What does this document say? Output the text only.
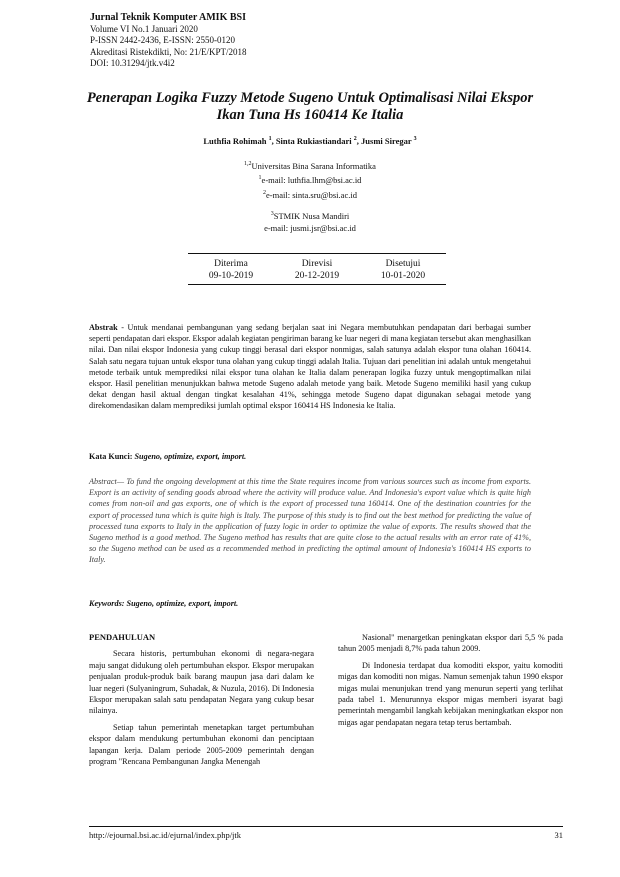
Jurnal Teknik Komputer AMIK BSI
Volume VI No.1 Januari 2020
P-ISSN 2442-2436, E-ISSN: 2550-0120
Akreditasi Ristekdikti, No: 21/E/KPT/2018
DOI: 10.31294/jtk.v4i2
Penerapan Logika Fuzzy Metode Sugeno Untuk Optimalisasi Nilai Ekspor Ikan Tuna Hs 160414 Ke Italia
Luthfia Rohimah $^1$, Sinta Rukiastiandari $^2$, Jusmi Siregar $^3$
$^{1,2}$Universitas Bina Sarana Informatika
$^1$e-mail: luthfia.lhm@bsi.ac.id
$^2$e-mail: sinta.sru@bsi.ac.id
$^3$STMIK Nusa Mandiri
e-mail: jusmi.jsr@bsi.ac.id
Diterima
09-10-2019
Direvisi
20-12-2019
Disetujui
10-01-2020
Abstrak - Untuk mendanai pembangunan yang sedang berjalan saat ini Negara membutuhkan pendapatan dari berbagai sumber seperti pendapatan dari ekspor. Ekspor adalah kegiatan pengiriman barang ke luar negeri di mana kegiatan tersebut akan menghasilkan nilai. Dan nilai ekspor Indonesia yang cukup tinggi berasal dari ekspor nonmigas, salah satunya adalah ekspor tuna olahan 160414. Salah satu negara tujuan untuk ekspor tuna olahan yang cukup tinggi adalah Italia. Tujuan dari penelitian ini adalah untuk mengetahui metode terbaik untuk memprediksi nilai ekspor tuna olahan ke Italia dalam penerapan logika fuzzy untuk mengoptimalkan nilai ekspor. Hasil penelitian menunjukkan bahwa metode Sugeno adalah metode yang baik. Metode Sugeno memiliki hasil yang cukup dekat dengan hasil aktual dengan tingkat kesalahan 41%, sehingga metode Sugeno dapat digunakan sebagai metode yang direkomendasikan dalam memprediksi jumlah optimal ekspor 160414 HS Indonesia ke Italia.
Kata Kunci: Sugeno, optimize, export, import.
Abstract— To fund the ongoing development at this time the State requires income from various sources such as income from exports. Export is an activity of sending goods abroad where the activity will produce value. And Indonesia's export value which is quite high comes from non-oil and gas exports, one of which is the export of processed tuna 160414. One of the destination countries for the export of processed tuna which is quite high is Italy. The purpose of this study is to find out the best method for predicting the value of processed tuna exports to Italy in the application of fuzzy logic in order to optimize the value of exports. The results showed that the Sugeno method is a good method. The Sugeno method has results that are quite close to the actual results with an error rate of 41%, so the Sugeno method can be used as a recommended method in predicting the optimal amount of Indonesia's 160414 HS exports to Italy.
Keywords: Sugeno, optimize, export, import.

PENDAHULUAN

Secara historis, pertumbuhan ekonomi di negara-negara maju sangat didukung oleh pertumbuhan ekspor. Ekspor merupakan penjualan produk-produk baik barang maupun jasa dari dalam ke luar negeri (Sulyaningrum, Suhadak, & Nuzula, 2016). Di Indonesia Ekspor merupakan salah satu pendapatan Negara yang cukup besar nilainya.

Setiap tahun pemerintah menetapkan target pertumbuhan ekspor dalam mendukung pertumbuhan ekonomi dan penciptaan lapangan kerja. Dalam periode 2005-2009 pemerintah dengan program "Rencana Pembangunan Jangka Menengah

Nasional" menargetkan peningkatan ekspor dari 5,5 % pada tahun 2005 menjadi 8,7% pada tahun 2009.

Di Indonesia terdapat dua komoditi ekspor, yaitu komoditi migas dan komoditi non migas. Namun semenjak tahun 1990 ekspor migas mulai menunjukan trend yang menurun seperti yang terlihat pada tabel 1. Menurunnya ekspor migas memberi isyarat bagi pemerintah mengambil langkah kebijakan meningkatkan ekspor non migas agar pendapatan negara tetap terus bertambah.

http://ejournal.bsi.ac.id/ejurnal/index.php/jtk	31
